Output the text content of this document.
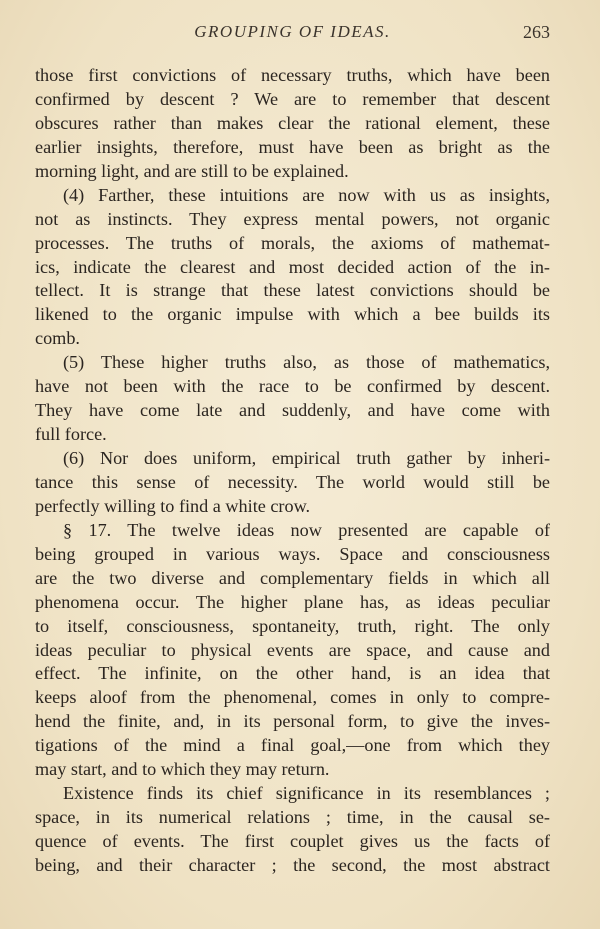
GROUPING OF IDEAS.	263
those first convictions of necessary truths, which have been
confirmed by descent ? We are to remember that descent
obscures rather than makes clear the rational element, these
earlier insights, therefore, must have been as bright as the
morning light, and are still to be explained.
(4) Farther, these intuitions are now with us as insights,
not as instincts. They express mental powers, not organic
processes. The truths of morals, the axioms of mathemat-
ics, indicate the clearest and most decided action of the in-
tellect. It is strange that these latest convictions should be
likened to the organic impulse with which a bee builds its
comb.
(5) These higher truths also, as those of mathematics,
have not been with the race to be confirmed by descent.
They have come late and suddenly, and have come with
full force.
(6) Nor does uniform, empirical truth gather by inheri-
tance this sense of necessity. The world would still be
perfectly willing to find a white crow.
§ 17. The twelve ideas now presented are capable of
being grouped in various ways. Space and consciousness
are the two diverse and complementary fields in which all
phenomena occur. The higher plane has, as ideas peculiar
to itself, consciousness, spontaneity, truth, right. The only
ideas peculiar to physical events are space, and cause and
effect. The infinite, on the other hand, is an idea that
keeps aloof from the phenomenal, comes in only to compre-
hend the finite, and, in its personal form, to give the inves-
tigations of the mind a final goal,—one from which they
may start, and to which they may return.
Existence finds its chief significance in its resemblances ;
space, in its numerical relations ; time, in the causal se-
quence of events. The first couplet gives us the facts of
being, and their character ; the second, the most abstract
